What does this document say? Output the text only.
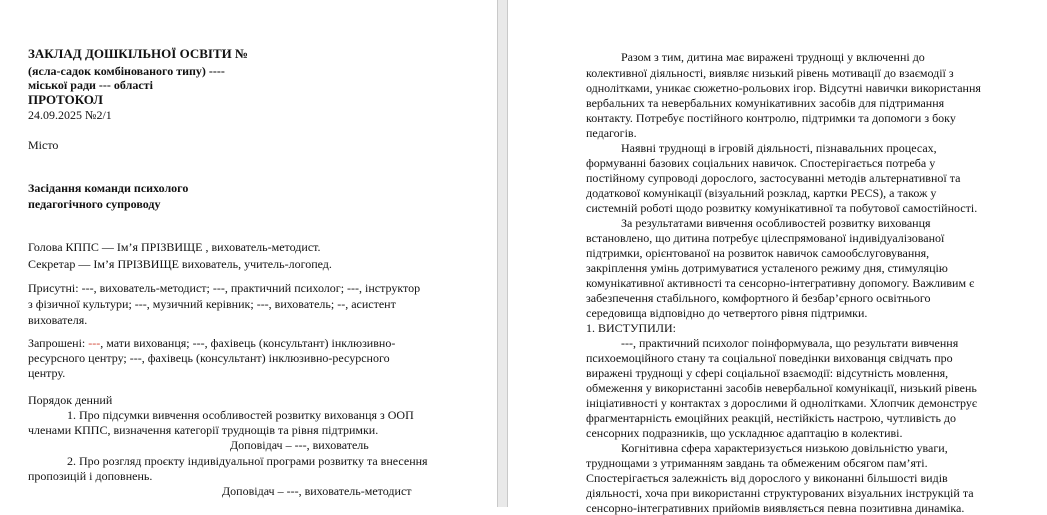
ЗАКЛАД ДОШКІЛЬНОЇ ОСВІТИ №
(ясла-садок комбінованого типу) ----
міської ради --- області
ПРОТОКОЛ
24.09.2025 №2/1
Місто
Засідання команди психолого
педагогічного супроводу
Голова КППС — Ім’я ПРІЗВИЩЕ , вихователь-методист.
Секретар — Ім’я ПРІЗВИЩЕ вихователь, учитель-логопед.
Присутні: ---, вихователь-методист; ---, практичний психолог; ---, інструктор
з фізичної культури; ---, музичний керівник; ---, вихователь; --, асистент
вихователя.
Запрошені: ---, мати вихованця; ---, фахівець (консультант) інклюзивно-
ресурсного центру; ---, фахівець (консультант) інклюзивно-ресурсного
центру.
Порядок денний
1. Про підсумки вивчення особливостей розвитку вихованця з ООП
членами КППС, визначення категорії труднощів та рівня підтримки.
Доповідач – ---, вихователь
2. Про розгляд проєкту індивідуальної програми розвитку та внесення
пропозицій і доповнень.
Доповідач – ---, вихователь-методист
Разом з тим, дитина має виражені труднощі у включенні до
колективної діяльності, виявляє низький рівень мотивації до взаємодії з
однолітками, уникає сюжетно-рольових ігор. Відсутні навички використання
вербальних та невербальних комунікативних засобів для підтримання
контакту. Потребує постійного контролю, підтримки та допомоги з боку
педагогів.
Наявні труднощі в ігровій діяльності, пізнавальних процесах,
формуванні базових соціальних навичок. Спостерігається потреба у
постійному супроводі дорослого, застосуванні методів альтернативної та
додаткової комунікації (візуальний розклад, картки PECS), а також у
системній роботі щодо розвитку комунікативної та побутової самостійності.
За результатами вивчення особливостей розвитку вихованця
встановлено, що дитина потребує цілеспрямованої індивідуалізованої
підтримки, орієнтованої на розвиток навичок самообслуговування,
закріплення умінь дотримуватися усталеного режиму дня, стимуляцію
комунікативної активності та сенсорно-інтегративну допомогу. Важливим є
забезпечення стабільного, комфортного й безбар’єрного освітнього
середовища відповідно до четвертого рівня підтримки.
1. ВИСТУПИЛИ:
---, практичний психолог поінформувала, що результати вивчення
психоемоційного стану та соціальної поведінки вихованця свідчать про
виражені труднощі у сфері соціальної взаємодії: відсутність мовлення,
обмеження у використанні засобів невербальної комунікації, низький рівень
ініціативності у контактах з дорослими й однолітками. Хлопчик демонструє
фрагментарність емоційних реакцій, нестійкість настрою, чутливість до
сенсорних подразників, що ускладнює адаптацію в колективі.
Когнітивна сфера характеризується низькою довільністю уваги,
труднощами з утриманням завдань та обмеженим обсягом пам’яті.
Спостерігається залежність від дорослого у виконанні більшості видів
діяльності, хоча при використанні структурованих візуальних інструкцій та
сенсорно-інтегративних прийомів виявляється певна позитивна динаміка.
